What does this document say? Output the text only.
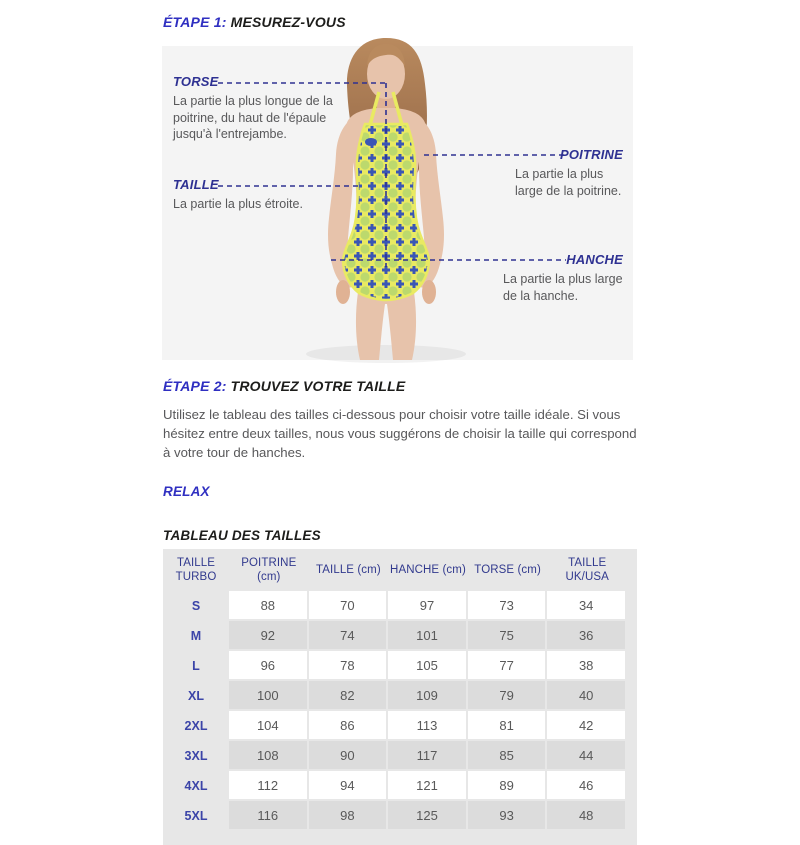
ÉTAPE 1: MESUREZ-VOUS
TORSE
La partie la plus longue de la poitrine, du haut de l'épaule jusqu'à l'entrejambe.
TAILLE
La partie la plus étroite.
POITRINE
La partie la plus large de la poitrine.
HANCHE
La partie la plus large de la hanche.
ÉTAPE 2: TROUVEZ VOTRE TAILLE

Utilisez le tableau des tailles ci-dessous pour choisir votre taille idéale. Si vous hésitez entre deux tailles, nous vous suggérons de choisir la taille qui correspond à votre tour de hanches.

RELAX
TABLEAU DES TAILLES
TAILLE TURBO	POITRINE (cm)	TAILLE (cm)	HANCHE (cm)	TORSE (cm)	TAILLE UK/USA
S	88	70	97	73	34
M	92	74	101	75	36
L	96	78	105	77	38
XL	100	82	109	79	40
2XL	104	86	113	81	42
3XL	108	90	117	85	44
4XL	112	94	121	89	46
5XL	116	98	125	93	48
